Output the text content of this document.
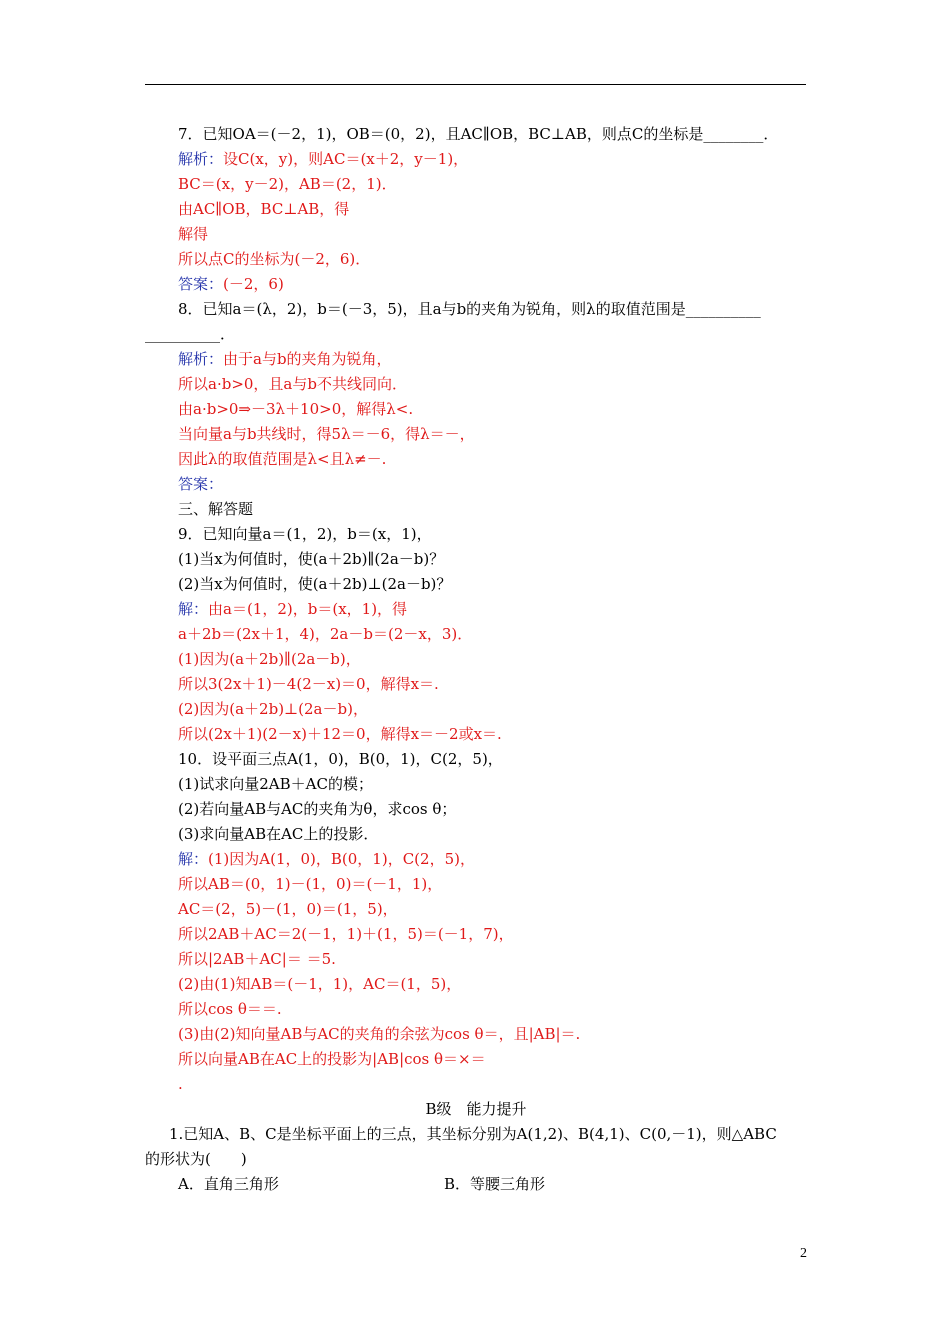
7．已知OA＝(－2，1)，OB＝(0，2)，且AC∥OB，BC⊥AB，则点C的坐标是________．
解析：设C(x，y)，则AC＝(x＋2，y－1)，
BC＝(x，y－2)，AB＝(2，1)．
由AC∥OB，BC⊥AB，得
解得
所以点C的坐标为(－2，6)．
答案：(－2，6)
8．已知a＝(λ，2)，b＝(－3，5)，且a与b的夹角为锐角，则λ的取值范围是__________
__________．
解析：由于a与b的夹角为锐角，
所以a·b>0，且a与b不共线同向．
由a·b>0⇒－3λ＋10>0，解得λ<.
当向量a与b共线时，得5λ＝－6，得λ＝－，
因此λ的取值范围是λ<且λ≠－.
答案：
三、解答题
9．已知向量a＝(1，2)，b＝(x，1)，
(1)当x为何值时，使(a＋2b)∥(2a－b)？
(2)当x为何值时，使(a＋2b)⊥(2a－b)？
解：由a＝(1，2)，b＝(x，1)，得
a＋2b＝(2x＋1，4)，2a－b＝(2－x，3)．
(1)因为(a＋2b)∥(2a－b)，
所以3(2x＋1)－4(2－x)＝0，解得x＝.
(2)因为(a＋2b)⊥(2a－b)，
所以(2x＋1)(2－x)＋12＝0，解得x＝－2或x＝.
10．设平面三点A(1，0)，B(0，1)，C(2，5)，
(1)试求向量2AB＋AC的模；
(2)若向量AB与AC的夹角为θ，求cos θ；
(3)求向量AB在AC上的投影．
解：(1)因为A(1，0)，B(0，1)，C(2，5)，
所以AB＝(0，1)－(1，0)＝(－1，1)，
AC＝(2，5)－(1，0)＝(1，5)，
所以2AB＋AC＝2(－1，1)＋(1，5)＝(－1，7)，
所以|2AB＋AC|＝ ＝5.
(2)由(1)知AB＝(－1，1)，AC＝(1，5)，
所以cos θ＝＝.
(3)由(2)知向量AB与AC的夹角的余弦为cos θ＝，且|AB|＝.
所以向量AB在AC上的投影为|AB|cos θ＝×＝
.
B级　能力提升
1.已知A、B、C是坐标平面上的三点，其坐标分别为A(1,2)、B(4,1)、C(0,－1)，则△ABC
的形状为(　　)
A．直角三角形	B．等腰三角形
2
